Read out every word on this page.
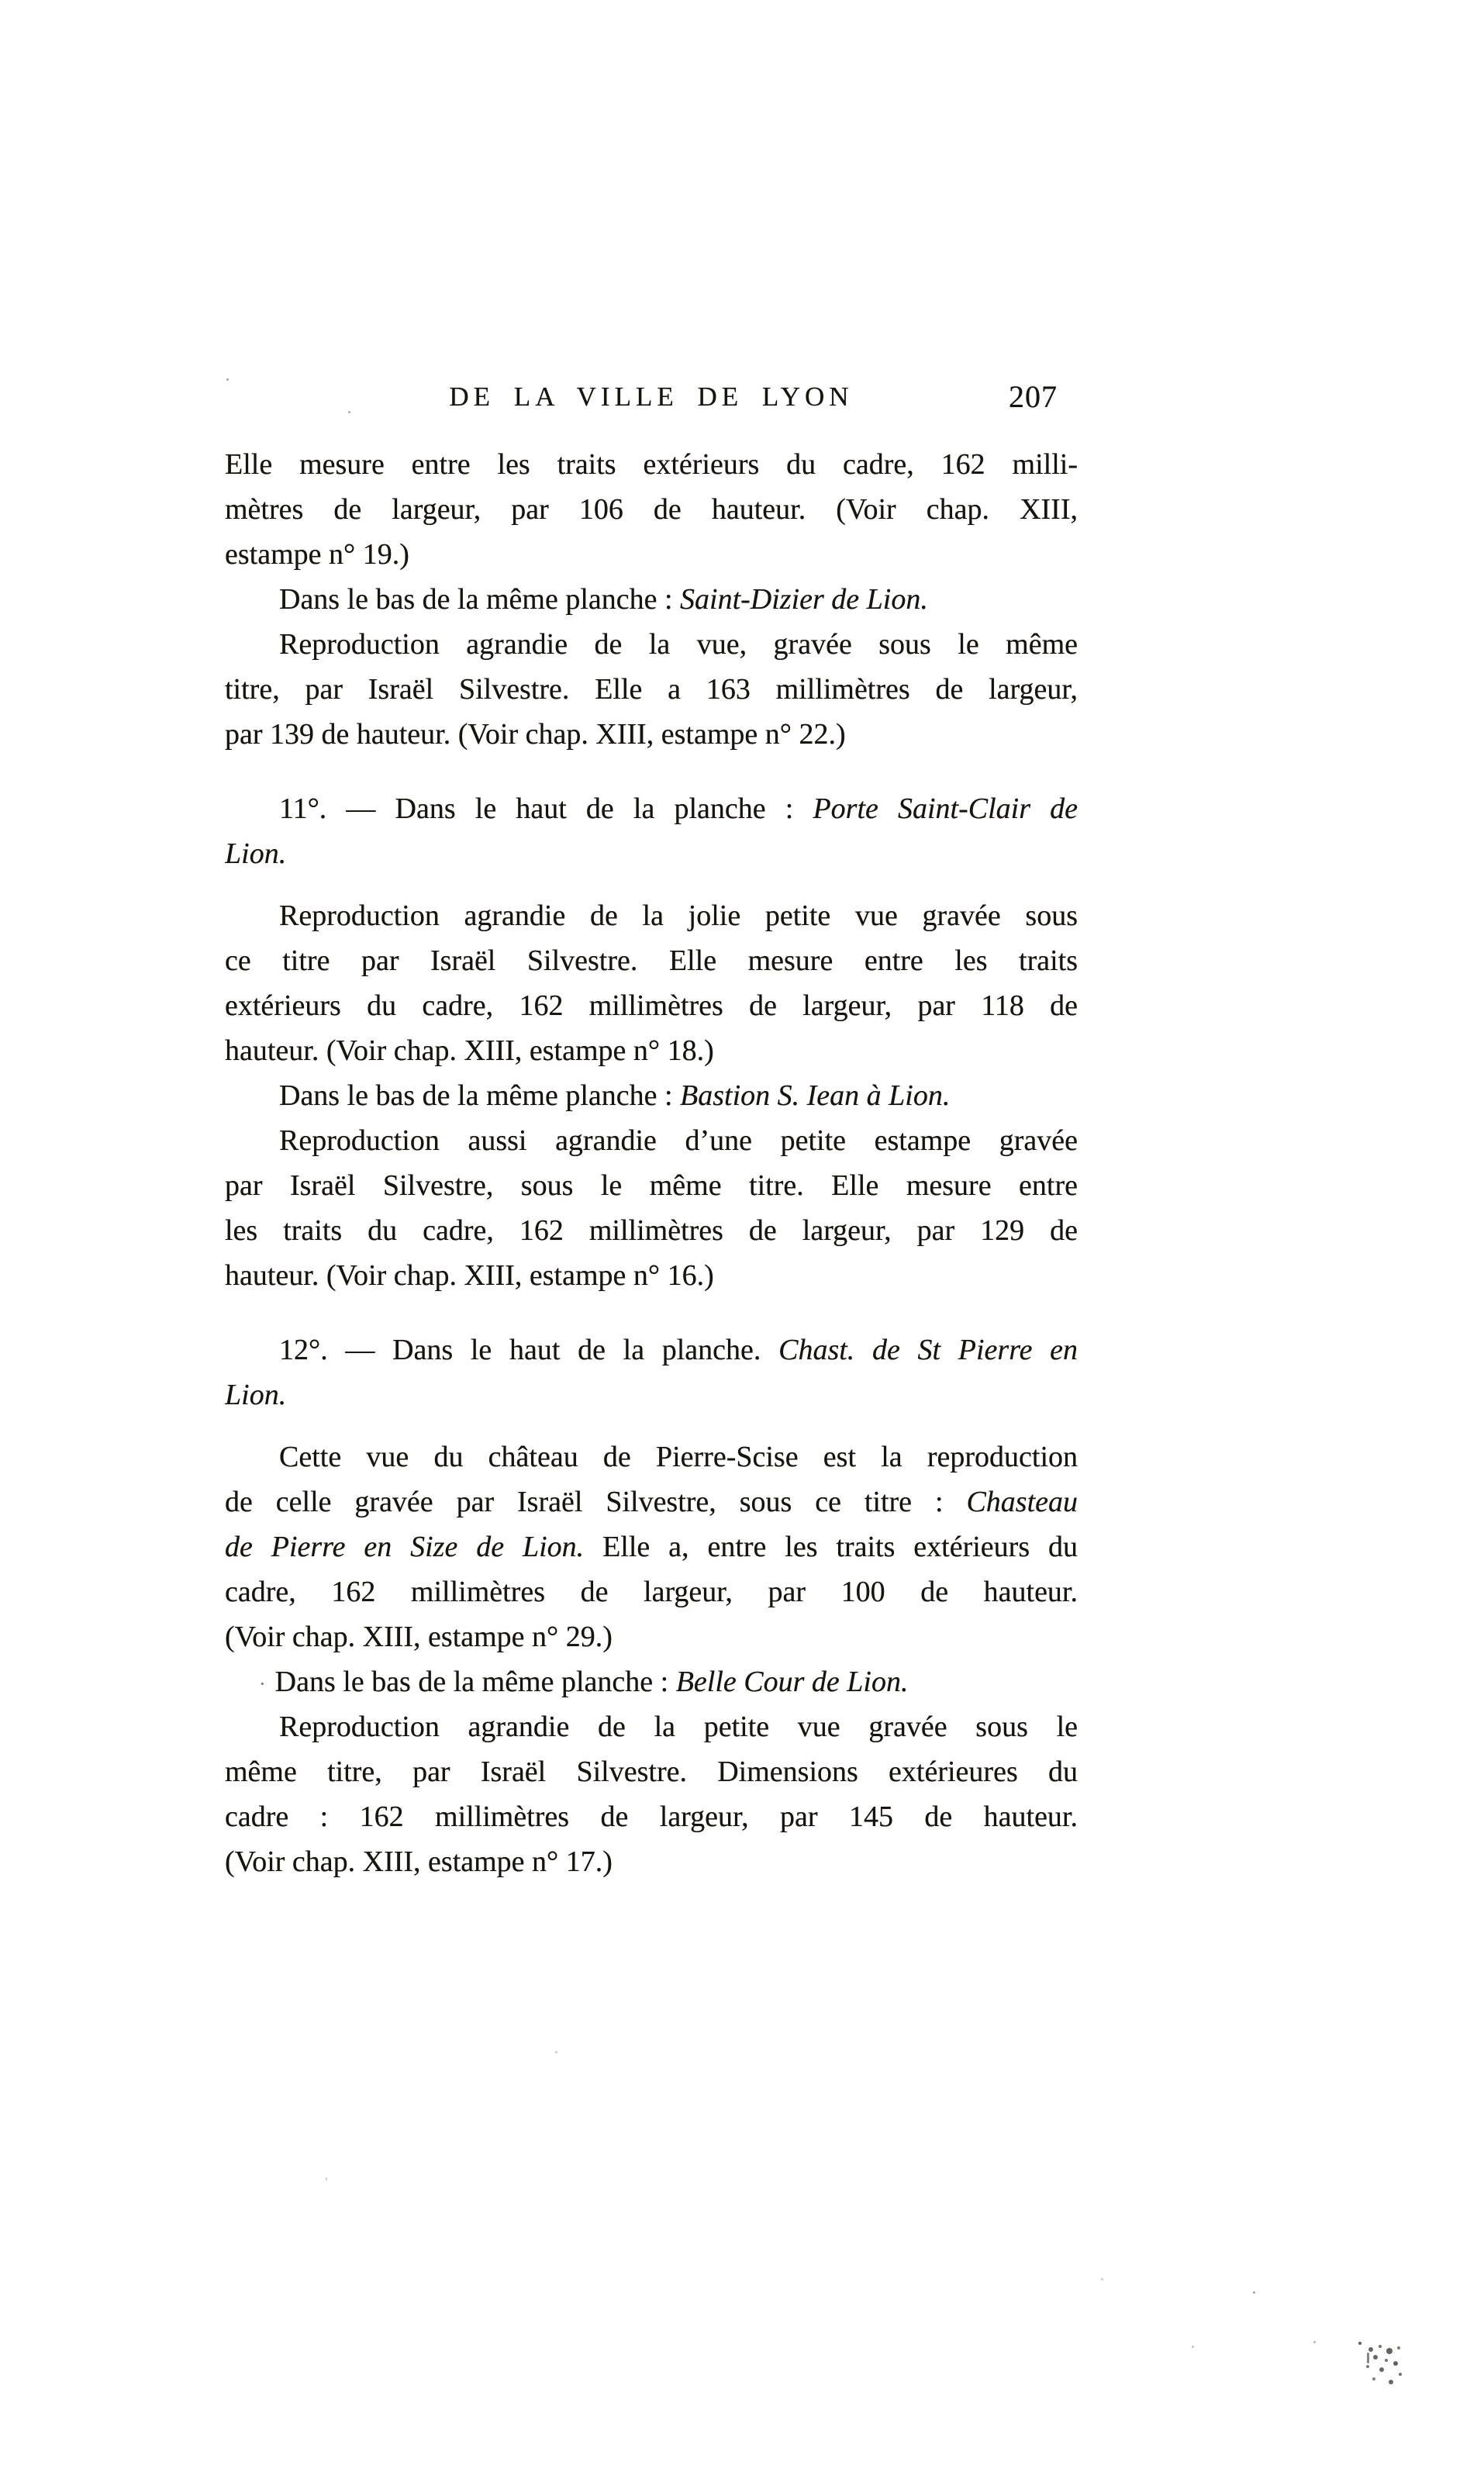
DE LA VILLE DE LYON	207
Elle mesure entre les traits extérieurs du cadre, 162 milli-
mètres de largeur, par 106 de hauteur. (Voir chap. XIII,
estampe n° 19.)
Dans le bas de la même planche : Saint-Dizier de Lion.
Reproduction agrandie de la vue, gravée sous le même
titre, par Israël Silvestre. Elle a 163 millimètres de largeur,
par 139 de hauteur. (Voir chap. XIII, estampe n° 22.)
11°. — Dans le haut de la planche : Porte Saint-Clair de
Lion.
Reproduction agrandie de la jolie petite vue gravée sous
ce titre par Israël Silvestre. Elle mesure entre les traits
extérieurs du cadre, 162 millimètres de largeur, par 118 de
hauteur. (Voir chap. XIII, estampe n° 18.)
Dans le bas de la même planche : Bastion S. Iean à Lion.
Reproduction aussi agrandie d’une petite estampe gravée
par Israël Silvestre, sous le même titre. Elle mesure entre
les traits du cadre, 162 millimètres de largeur, par 129 de
hauteur. (Voir chap. XIII, estampe n° 16.)
12°. — Dans le haut de la planche. Chast. de St Pierre en
Lion.
Cette vue du château de Pierre-Scise est la reproduction
de celle gravée par Israël Silvestre, sous ce titre : Chasteau
de Pierre en Size de Lion. Elle a, entre les traits extérieurs du
cadre, 162 millimètres de largeur, par 100 de hauteur.
(Voir chap. XIII, estampe n° 29.)
· Dans le bas de la même planche : Belle Cour de Lion.
Reproduction agrandie de la petite vue gravée sous le
même titre, par Israël Silvestre. Dimensions extérieures du
cadre : 162 millimètres de largeur, par 145 de hauteur.
(Voir chap. XIII, estampe n° 17.)
